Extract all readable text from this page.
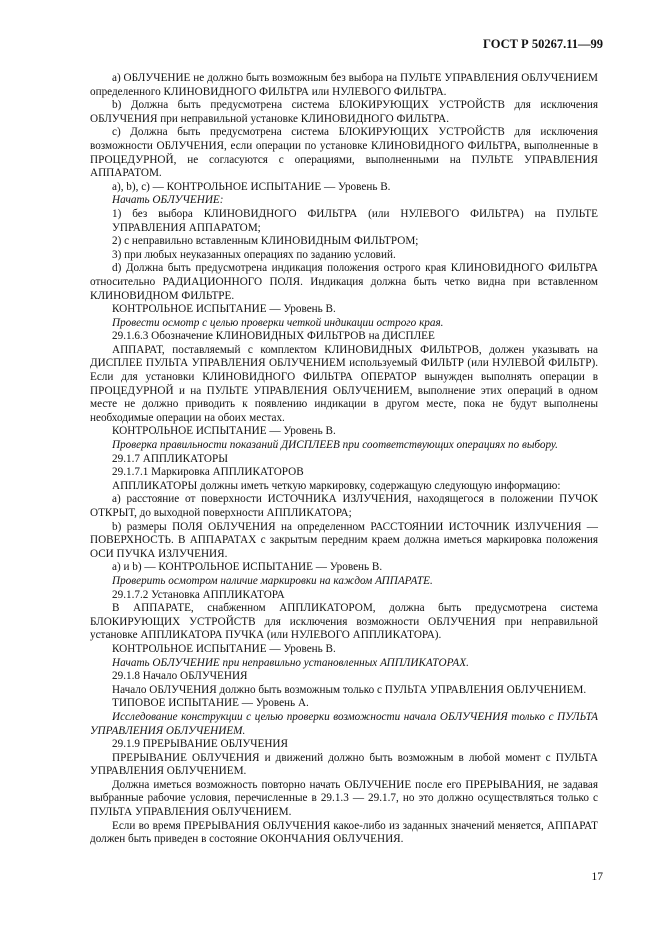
ГОСТ Р 50267.11—99

а) ОБЛУЧЕНИЕ не должно быть возможным без выбора на ПУЛЬТЕ УПРАВЛЕНИЯ ОБЛУЧЕНИЕМ определенного КЛИНОВИДНОГО ФИЛЬТРА или НУЛЕВОГО ФИЛЬТРА.

b) Должна быть предусмотрена система БЛОКИРУЮЩИХ УСТРОЙСТВ для исключения ОБЛУЧЕНИЯ при неправильной установке КЛИНОВИДНОГО ФИЛЬТРА.

с) Должна быть предусмотрена система БЛОКИРУЮЩИХ УСТРОЙСТВ для исключения возможности ОБЛУЧЕНИЯ, если операции по установке КЛИНОВИДНОГО ФИЛЬТРА, выполненные в ПРОЦЕДУРНОЙ, не согласуются с операциями, выполненными на ПУЛЬТЕ УПРАВЛЕНИЯ АППАРАТОМ.

a), b), с) — КОНТРОЛЬНОЕ ИСПЫТАНИЕ — Уровень В.

Начать ОБЛУЧЕНИЕ:

1) без выбора КЛИНОВИДНОГО ФИЛЬТРА (или НУЛЕВОГО ФИЛЬТРА) на ПУЛЬТЕ УПРАВЛЕНИЯ АППАРАТОМ;

2) с неправильно вставленным КЛИНОВИДНЫМ ФИЛЬТРОМ;

3) при любых неуказанных операциях по заданию условий.

d) Должна быть предусмотрена индикация положения острого края КЛИНОВИДНОГО ФИЛЬТРА относительно РАДИАЦИОННОГО ПОЛЯ. Индикация должна быть четко видна при вставленном КЛИНОВИДНОМ ФИЛЬТРЕ.

КОНТРОЛЬНОЕ ИСПЫТАНИЕ — Уровень В.

Провести осмотр с целью проверки четкой индикации острого края.

29.1.6.3 Обозначение КЛИНОВИДНЫХ ФИЛЬТРОВ на ДИСПЛЕЕ

АППАРАТ, поставляемый с комплектом КЛИНОВИДНЫХ ФИЛЬТРОВ, должен указывать на ДИСПЛЕЕ ПУЛЬТА УПРАВЛЕНИЯ ОБЛУЧЕНИЕМ используемый ФИЛЬТР (или НУЛЕВОЙ ФИЛЬТР). Если для установки КЛИНОВИДНОГО ФИЛЬТРА ОПЕРАТОР вынужден выполнять операции в ПРОЦЕДУРНОЙ и на ПУЛЬТЕ УПРАВЛЕНИЯ ОБЛУЧЕНИЕМ, выполнение этих операций в одном месте не должно приводить к появлению индикации в другом месте, пока не будут выполнены необходимые операции на обоих местах.

КОНТРОЛЬНОЕ ИСПЫТАНИЕ — Уровень В.

Проверка правильности показаний ДИСПЛЕЕВ при соответствующих операциях по выбору.

29.1.7 АППЛИКАТОРЫ

29.1.7.1 Маркировка АППЛИКАТОРОВ

АППЛИКАТОРЫ должны иметь четкую маркировку, содержащую следующую информацию:

а) расстояние от поверхности ИСТОЧНИКА ИЗЛУЧЕНИЯ, находящегося в положении ПУЧОК ОТКРЫТ, до выходной поверхности АППЛИКАТОРА;

b) размеры ПОЛЯ ОБЛУЧЕНИЯ на определенном РАССТОЯНИИ ИСТОЧНИК ИЗЛУЧЕНИЯ — ПОВЕРХНОСТЬ. В АППАРАТАХ с закрытым передним краем должна иметься маркировка положения ОСИ ПУЧКА ИЗЛУЧЕНИЯ.

а) и b) — КОНТРОЛЬНОЕ ИСПЫТАНИЕ — Уровень В.

Проверить осмотром наличие маркировки на каждом АППАРАТЕ.

29.1.7.2 Установка АППЛИКАТОРА

В АППАРАТЕ, снабженном АППЛИКАТОРОМ, должна быть предусмотрена система БЛОКИРУЮЩИХ УСТРОЙСТВ для исключения возможности ОБЛУЧЕНИЯ при неправильной установке АППЛИКАТОРА ПУЧКА (или НУЛЕВОГО АППЛИКАТОРА).

КОНТРОЛЬНОЕ ИСПЫТАНИЕ — Уровень В.

Начать ОБЛУЧЕНИЕ при неправильно установленных АППЛИКАТОРАХ.

29.1.8 Начало ОБЛУЧЕНИЯ

Начало ОБЛУЧЕНИЯ должно быть возможным только с ПУЛЬТА УПРАВЛЕНИЯ ОБЛУЧЕНИЕМ.

ТИПОВОЕ ИСПЫТАНИЕ — Уровень А.

Исследование конструкции с целью проверки возможности начала ОБЛУЧЕНИЯ только с ПУЛЬТА УПРАВЛЕНИЯ ОБЛУЧЕНИЕМ.

29.1.9 ПРЕРЫВАНИЕ ОБЛУЧЕНИЯ

ПРЕРЫВАНИЕ ОБЛУЧЕНИЯ и движений должно быть возможным в любой момент с ПУЛЬТА УПРАВЛЕНИЯ ОБЛУЧЕНИЕМ.

Должна иметься возможность повторно начать ОБЛУЧЕНИЕ после его ПРЕРЫВАНИЯ, не задавая выбранные рабочие условия, перечисленные в 29.1.3 — 29.1.7, но это должно осуществляться только с ПУЛЬТА УПРАВЛЕНИЯ ОБЛУЧЕНИЕМ.

Если во время ПРЕРЫВАНИЯ ОБЛУЧЕНИЯ какое-либо из заданных значений меняется, АППАРАТ должен быть приведен в состояние ОКОНЧАНИЯ ОБЛУЧЕНИЯ.

17
